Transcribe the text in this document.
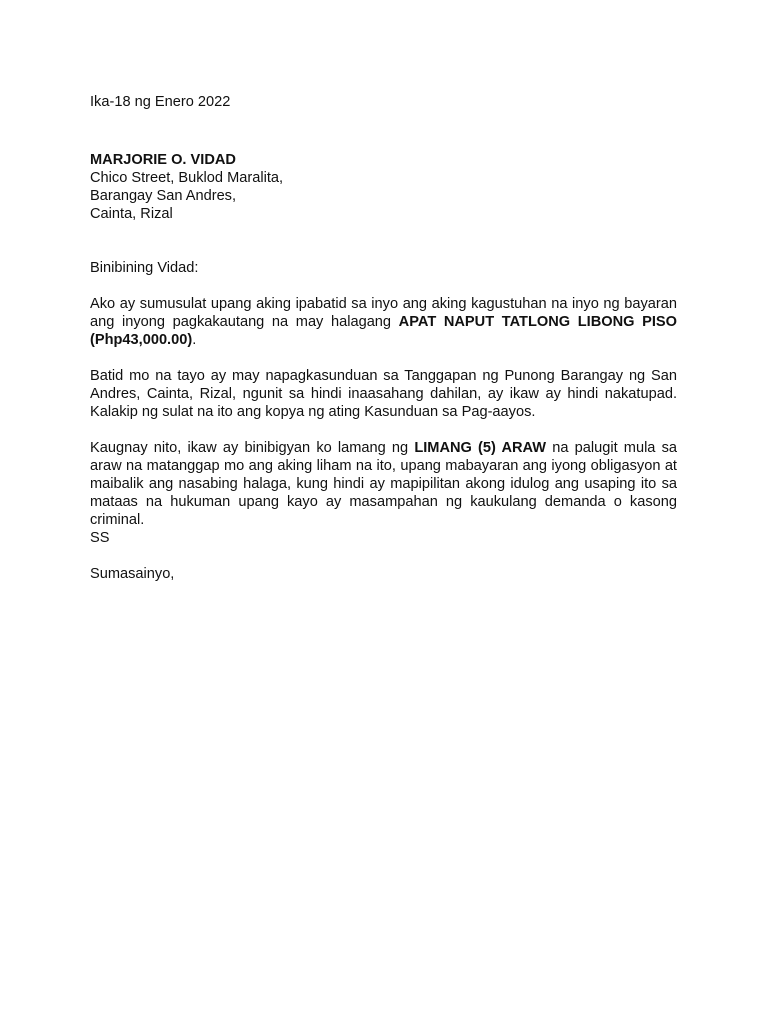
Ika-18 ng Enero 2022
MARJORIE O. VIDAD
Chico Street, Buklod Maralita,
Barangay San Andres,
Cainta, Rizal
Binibining Vidad:

Ako ay sumusulat upang aking ipabatid sa inyo ang aking kagustuhan na inyo ng bayaran ang inyong pagkakautang na may halagang APAT NAPUT TATLONG LIBONG PISO (Php43,000.00).

Batid mo na tayo ay may napagkasunduan sa Tanggapan ng Punong Barangay ng San Andres, Cainta, Rizal, ngunit sa hindi inaasahang dahilan, ay ikaw ay hindi nakatupad. Kalakip ng sulat na ito ang kopya ng ating Kasunduan sa Pag-aayos.

Kaugnay nito, ikaw ay binibigyan ko lamang ng LIMANG (5) ARAW na palugit mula sa araw na matanggap mo ang aking liham na ito, upang mabayaran ang iyong obligasyon at maibalik ang nasabing halaga, kung hindi ay mapipilitan akong idulog ang usaping ito sa mataas na hukuman upang kayo ay masampahan ng kaukulang demanda o kasong criminal.

SS
Sumasainyo,
